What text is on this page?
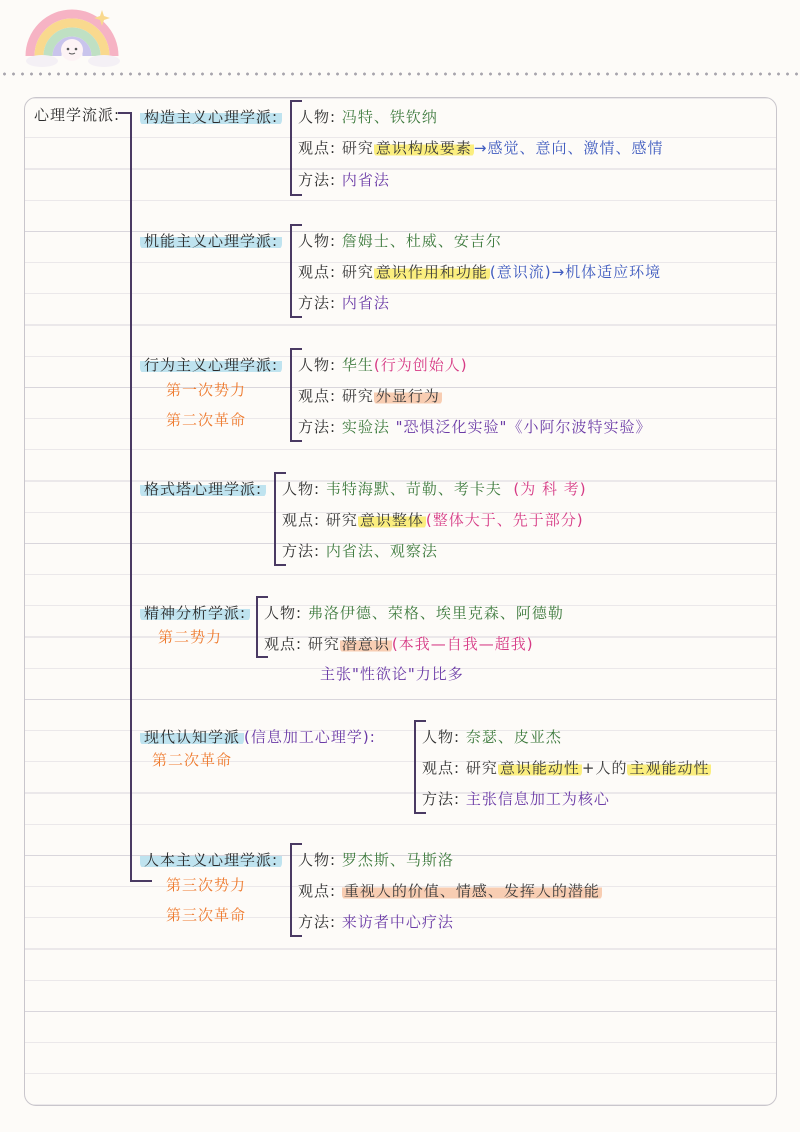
心理学流派: 构造主义心理学派: 人物: 冯特、铁钦纳
观点: 研究 意识构成要素 →感觉、意向、激情、感情
方法: 内省法
机能主义心理学派: 人物: 詹姆士、杜威、安吉尔
观点: 研究 意识作用和功能 (意识流)→机体适应环境
方法: 内省法
行为主义心理学派:
第一次势力
第二次革命
人物: 华生(行为创始人)
观点: 研究 外显行为
方法: 实验法 "恐惧泛化实验"《小阿尔波特实验》
格式塔心理学派: 人物: 韦特海默、苛勒、考卡夫 (为 科 考)
观点: 研究 意识整体 (整体大于、先于部分)
方法: 内省法、观察法
精神分析学派:
第二势力
人物: 弗洛伊德、荣格、埃里克森、阿德勒
观点: 研究 潜意识 (本我—自我—超我)
主张"性欲论"力比多
现代认知学派 (信息加工心理学):
第二次革命
人物: 奈瑟、皮亚杰
观点: 研究 意识能动性 +人的 主观能动性
方法: 主张信息加工为核心
人本主义心理学派:
第三次势力
第三次革命
人物: 罗杰斯、马斯洛
观点: 重视人的价值、情感、发挥人的潜能
方法: 来访者中心疗法
